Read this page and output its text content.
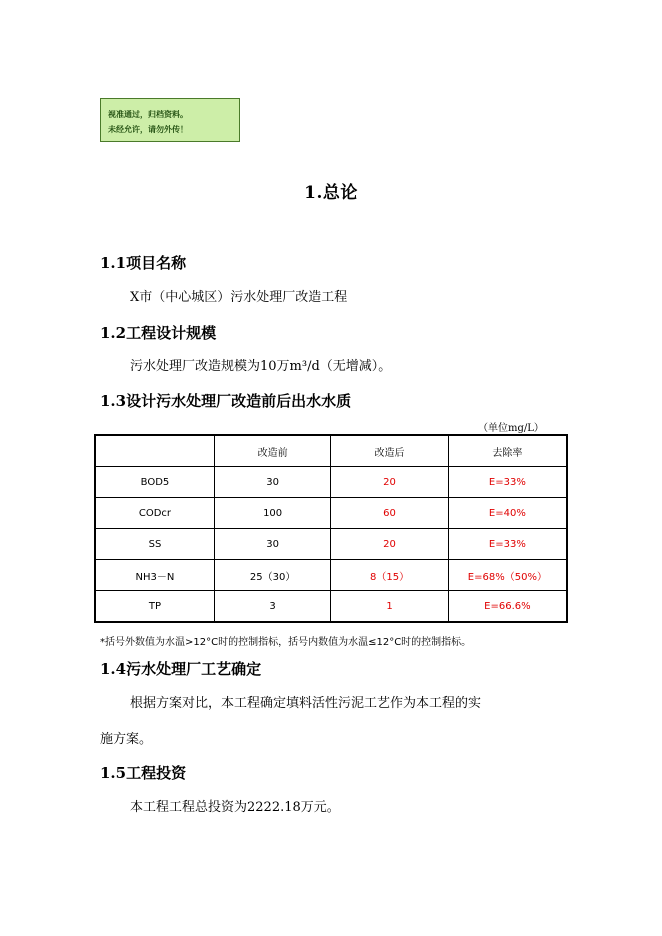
视准通过，归档资料。
未经允许，请勿外传！
1.总论
1.1项目名称
X市（中心城区）污水处理厂改造工程
1.2工程设计规模
污水处理厂改造规模为10万m³/d（无增减）。
1.3设计污水处理厂改造前后出水水质
（单位mg/L）
	改造前	改造后	去除率
BOD5	30	20	E=33%
CODcr	100	60	E=40%
SS	30	20	E=33%
NH3－N	25（30）	8（15）	E=68%（50%）
TP	3	1	E=66.6%
*括号外数值为水温>12°C时的控制指标，括号内数值为水温≤12°C时的控制指标。
1.4污水处理厂工艺确定
根据方案对比，本工程确定填料活性污泥工艺作为本工程的实
施方案。
1.5工程投资
本工程工程总投资为2222.18万元。
